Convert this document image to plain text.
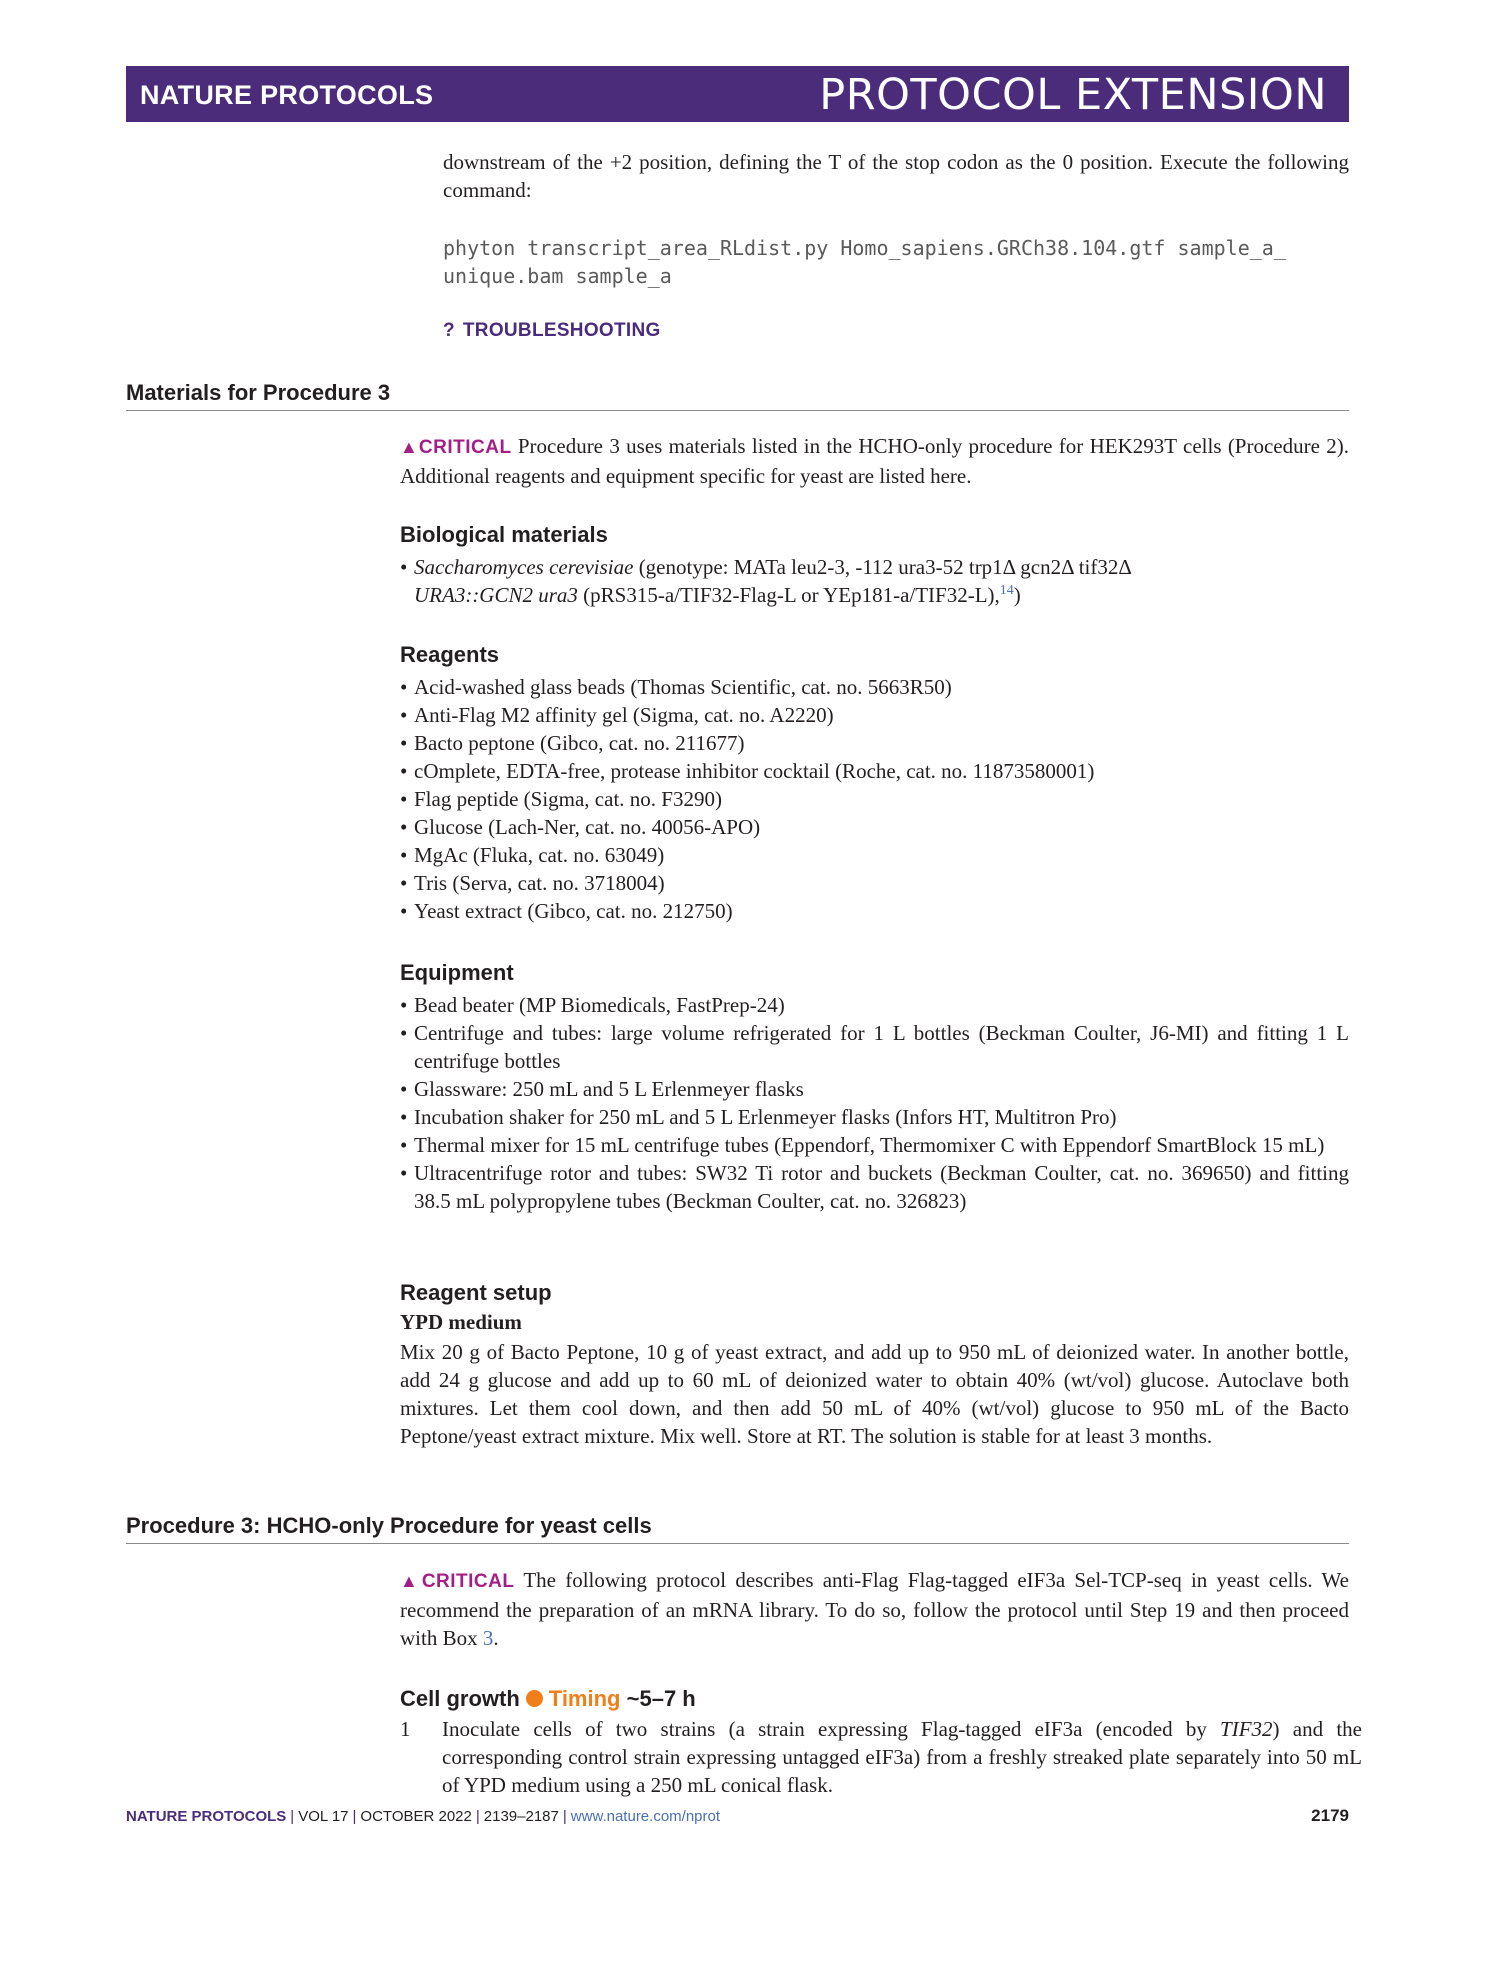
NATURE PROTOCOLS	PROTOCOL EXTENSION
downstream of the +2 position, defining the T of the stop codon as the 0 position. Execute the following command:
phyton transcript_area_RLdist.py Homo_sapiens.GRCh38.104.gtf sample_a_
unique.bam sample_a
? TROUBLESHOOTING
Materials for Procedure 3
▲CRITICAL Procedure 3 uses materials listed in the HCHO-only procedure for HEK293T cells (Procedure 2). Additional reagents and equipment specific for yeast are listed here.
Biological materials
• Saccharomyces cerevisiae (genotype: MATa leu2-3, -112 ura3-52 trp1Δ gcn2Δ tif32Δ
URA3::GCN2 ura3 (pRS315-a/TIF32-Flag-L or YEp181-a/TIF32-L),$^{14}$)
Reagents
• Acid-washed glass beads (Thomas Scientific, cat. no. 5663R50)
• Anti-Flag M2 affinity gel (Sigma, cat. no. A2220)
• Bacto peptone (Gibco, cat. no. 211677)
• cOmplete, EDTA-free, protease inhibitor cocktail (Roche, cat. no. 11873580001)
• Flag peptide (Sigma, cat. no. F3290)
• Glucose (Lach-Ner, cat. no. 40056-APO)
• MgAc (Fluka, cat. no. 63049)
• Tris (Serva, cat. no. 3718004)
• Yeast extract (Gibco, cat. no. 212750)
Equipment
• Bead beater (MP Biomedicals, FastPrep-24)
• Centrifuge and tubes: large volume refrigerated for 1 L bottles (Beckman Coulter, J6-MI) and fitting 1 L centrifuge bottles
• Glassware: 250 mL and 5 L Erlenmeyer flasks
• Incubation shaker for 250 mL and 5 L Erlenmeyer flasks (Infors HT, Multitron Pro)
• Thermal mixer for 15 mL centrifuge tubes (Eppendorf, Thermomixer C with Eppendorf SmartBlock 15 mL)
• Ultracentrifuge rotor and tubes: SW32 Ti rotor and buckets (Beckman Coulter, cat. no. 369650) and fitting 38.5 mL polypropylene tubes (Beckman Coulter, cat. no. 326823)
Reagent setup
YPD medium
Mix 20 g of Bacto Peptone, 10 g of yeast extract, and add up to 950 mL of deionized water. In another bottle, add 24 g glucose and add up to 60 mL of deionized water to obtain 40% (wt/vol) glucose. Autoclave both mixtures. Let them cool down, and then add 50 mL of 40% (wt/vol) glucose to 950 mL of the Bacto Peptone/yeast extract mixture. Mix well. Store at RT. The solution is stable for at least 3 months.
Procedure 3: HCHO-only Procedure for yeast cells
▲CRITICAL The following protocol describes anti-Flag Flag-tagged eIF3a Sel-TCP-seq in yeast cells. We recommend the preparation of an mRNA library. To do so, follow the protocol until Step 19 and then proceed with Box 3.
Cell growth Timing ~5–7 h
1 Inoculate cells of two strains (a strain expressing Flag-tagged eIF3a (encoded by TIF32) and the corresponding control strain expressing untagged eIF3a) from a freshly streaked plate separately into 50 mL of YPD medium using a 250 mL conical flask.
NATURE PROTOCOLS | VOL 17 | OCTOBER 2022 | 2139–2187 | www.nature.com/nprot	2179
